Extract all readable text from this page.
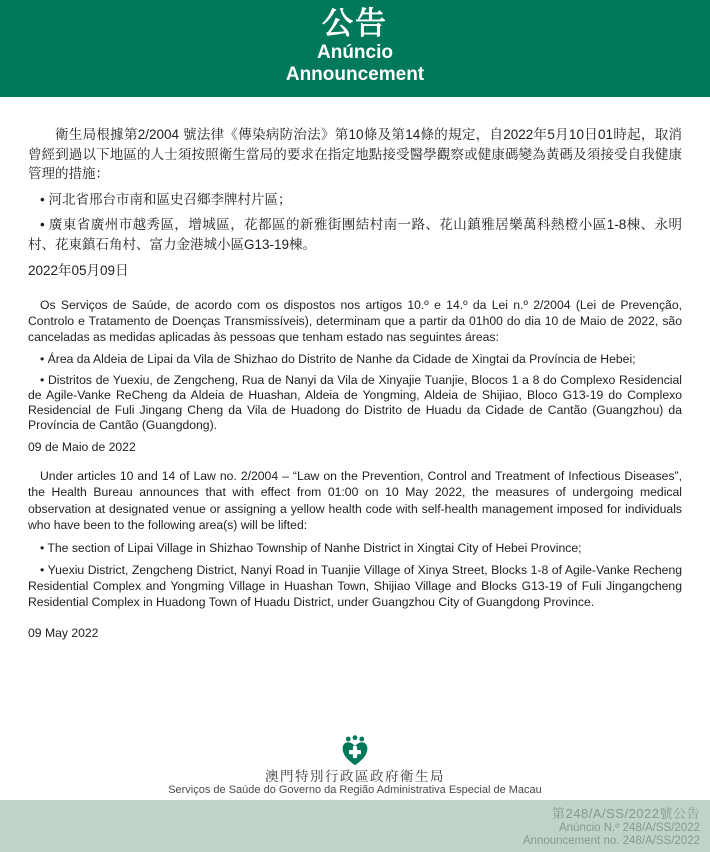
公告
Anúncio
Announcement

衛生局根據第2/2004 號法律《傳染病防治法》第10條及第14條的規定，自2022年5月10日01時起，取消曾經到過以下地區的人士須按照衛生當局的要求在指定地點接受醫學觀察或健康碼變為黃碼及須接受自我健康管理的措施：

• 河北省邢台市南和區史召鄉李牌村片區；

• 廣東省廣州市越秀區，增城區，花都區的新雅街團結村南一路、花山鎮雅居樂萬科熱橙小區1-8棟、永明村、花東鎮石角村、富力金港城小區G13-19棟。

2022年05月09日

Os Serviços de Saúde, de acordo com os dispostos nos artigos 10.º e 14.º da Lei n.º 2/2004 (Lei de Prevenção, Controlo e Tratamento de Doenças Transmissíveis), determinam que a partir da 01h00 do dia 10 de Maio de 2022, são canceladas as medidas aplicadas às pessoas que tenham estado nas seguintes áreas:

• Área da Aldeia de Lipai da Vila de Shizhao do Distrito de Nanhe da Cidade de Xingtai da Província de Hebei;

• Distritos de Yuexiu, de Zengcheng, Rua de Nanyi da Vila de Xinyajie Tuanjie, Blocos 1 a 8 do Complexo Residencial de Agile-Vanke ReCheng da Aldeia de Huashan, Aldeia de Yongming, Aldeia de Shijiao, Bloco G13-19 do Complexo Residencial de Fuli Jingang Cheng da Vila de Huadong do Distrito de Huadu da Cidade de Cantão (Guangzhou) da Província de Cantão (Guangdong).

09 de Maio de 2022

Under articles 10 and 14 of Law no. 2/2004 – “Law on the Prevention, Control and Treatment of Infectious Diseases”, the Health Bureau announces that with effect from 01:00 on 10 May 2022, the measures of undergoing medical observation at designated venue or assigning a yellow health code with self-health management imposed for individuals who have been to the following area(s) will be lifted:

• The section of Lipai Village in Shizhao Township of Nanhe District in Xingtai City of Hebei Province;

• Yuexiu District, Zengcheng District, Nanyi Road in Tuanjie Village of Xinya Street, Blocks 1-8 of Agile-Vanke Recheng Residential Complex and Yongming Village in Huashan Town, Shijiao Village and Blocks G13-19 of Fuli Jingangcheng Residential Complex in Huadong Town of Huadu District, under Guangzhou City of Guangdong Province.

09 May 2022

澳門特別行政區政府衛生局
Serviços de Saúde do Governo da Região Administrativa Especial de Macau
第248/A/SS/2022號公告
Anúncio N.º 248/A/SS/2022
Announcement no. 248/A/SS/2022
